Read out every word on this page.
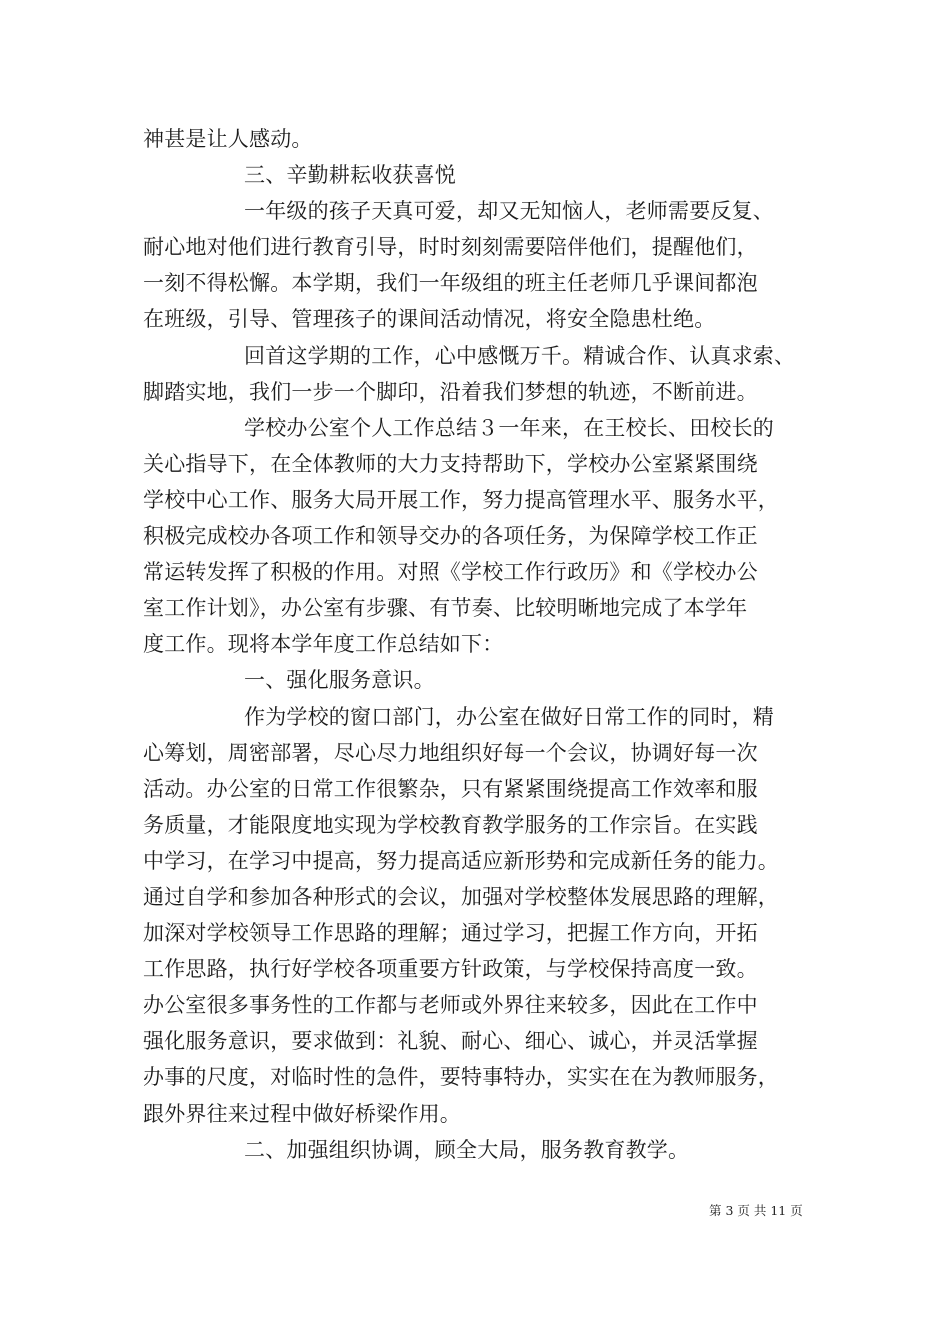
神甚是让人感动。
三、辛勤耕耘收获喜悦
一年级的孩子天真可爱，却又无知恼人，老师需要反复、
耐心地对他们进行教育引导，时时刻刻需要陪伴他们，提醒他们，
一刻不得松懈。本学期，我们一年级组的班主任老师几乎课间都泡
在班级，引导、管理孩子的课间活动情况，将安全隐患杜绝。
回首这学期的工作，心中感慨万千。精诚合作、认真求索、
脚踏实地，我们一步一个脚印，沿着我们梦想的轨迹，不断前进。
学校办公室个人工作总结３一年来，在王校长、田校长的
关心指导下，在全体教师的大力支持帮助下，学校办公室紧紧围绕
学校中心工作、服务大局开展工作，努力提高管理水平、服务水平，
积极完成校办各项工作和领导交办的各项任务，为保障学校工作正
常运转发挥了积极的作用。对照《学校工作行政历》和《学校办公
室工作计划》，办公室有步骤、有节奏、比较明晰地完成了本学年
度工作。现将本学年度工作总结如下：
一、强化服务意识。
作为学校的窗口部门，办公室在做好日常工作的同时，精
心筹划，周密部署，尽心尽力地组织好每一个会议，协调好每一次
活动。办公室的日常工作很繁杂，只有紧紧围绕提高工作效率和服
务质量，才能限度地实现为学校教育教学服务的工作宗旨。在实践
中学习，在学习中提高，努力提高适应新形势和完成新任务的能力。
通过自学和参加各种形式的会议，加强对学校整体发展思路的理解，
加深对学校领导工作思路的理解；通过学习，把握工作方向，开拓
工作思路，执行好学校各项重要方针政策，与学校保持高度一致。
办公室很多事务性的工作都与老师或外界往来较多，因此在工作中
强化服务意识，要求做到：礼貌、耐心、细心、诚心，并灵活掌握
办事的尺度，对临时性的急件，要特事特办，实实在在为教师服务，
跟外界往来过程中做好桥梁作用。
二、加强组织协调，顾全大局，服务教育教学。
第 3 页 共 11 页
